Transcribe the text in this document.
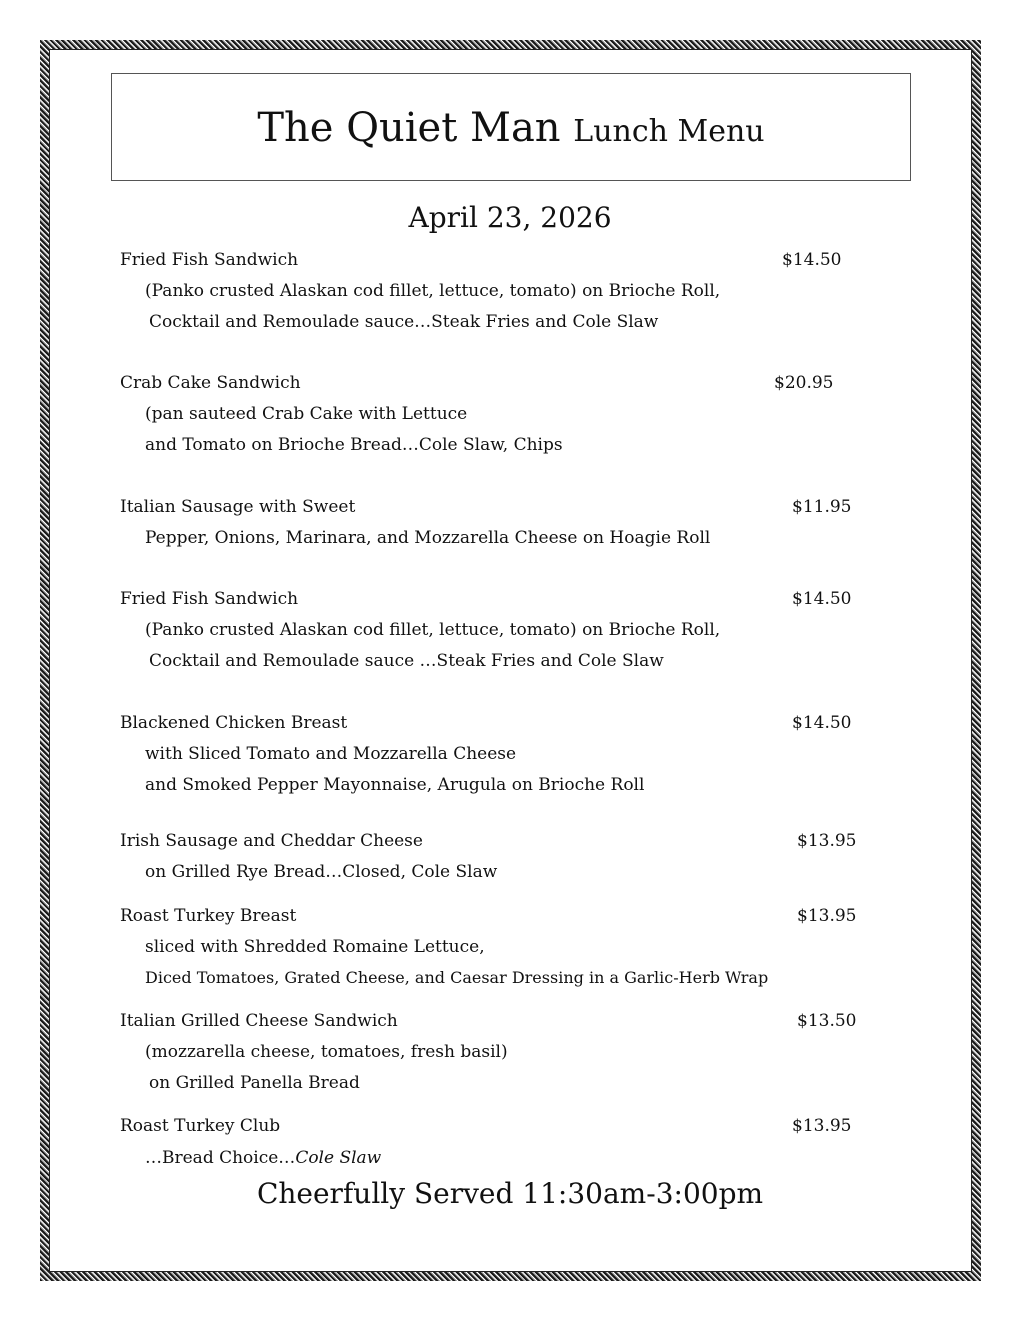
The Quiet Man Lunch Menu
April 23, 2026
Fried Fish Sandwich	$14.50
(Panko crusted Alaskan cod fillet, lettuce, tomato) on Brioche Roll,
Cocktail and Remoulade sauce…Steak Fries and Cole Slaw
Crab Cake Sandwich	$20.95
(pan sauteed Crab Cake with Lettuce
and Tomato on Brioche Bread…Cole Slaw, Chips
Italian Sausage with Sweet	$11.95
Pepper, Onions, Marinara, and Mozzarella Cheese on Hoagie Roll
Fried Fish Sandwich	$14.50
(Panko crusted Alaskan cod fillet, lettuce, tomato) on Brioche Roll,
Cocktail and Remoulade sauce …Steak Fries and Cole Slaw
Blackened Chicken Breast	$14.50
with Sliced Tomato and Mozzarella Cheese
and Smoked Pepper Mayonnaise, Arugula on Brioche Roll
Irish Sausage and Cheddar Cheese	$13.95
on Grilled Rye Bread…Closed, Cole Slaw
Roast Turkey Breast	$13.95
sliced with Shredded Romaine Lettuce,
Diced Tomatoes, Grated Cheese, and Caesar Dressing in a Garlic-Herb Wrap
Italian Grilled Cheese Sandwich	$13.50
(mozzarella cheese, tomatoes, fresh basil)
on Grilled Panella Bread
Roast Turkey Club	$13.95
…Bread Choice…Cole Slaw
Cheerfully Served 11:30am-3:00pm
